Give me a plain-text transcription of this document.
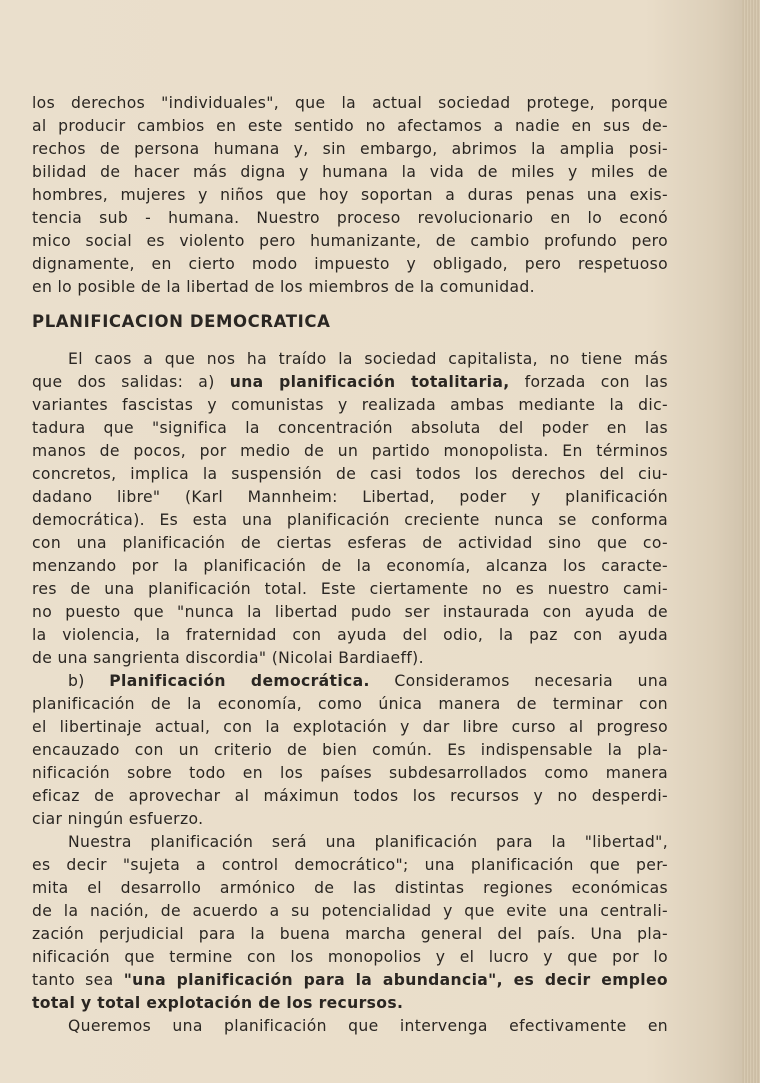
los derechos "individuales", que la actual sociedad protege, porque
al producir cambios en este sentido no afectamos a nadie en sus de-
rechos de persona humana y, sin embargo, abrimos la amplia posi-
bilidad de hacer más digna y humana la vida de miles y miles de
hombres, mujeres y niños que hoy soportan a duras penas una exis-
tencia sub - humana. Nuestro proceso revolucionario en lo econó
mico social es violento pero humanizante, de cambio profundo pero
dignamente, en cierto modo impuesto y obligado, pero respetuoso
en lo posible de la libertad de los miembros de la comunidad.
PLANIFICACION DEMOCRATICA
El caos a que nos ha traído la sociedad capitalista, no tiene más
que dos salidas: a) una planificación totalitaria, forzada con las
variantes fascistas y comunistas y realizada ambas mediante la dic-
tadura que "significa la concentración absoluta del poder en las
manos de pocos, por medio de un partido monopolista. En términos
concretos, implica la suspensión de casi todos los derechos del ciu-
dadano libre" (Karl Mannheim: Libertad, poder y planificación
democrática). Es esta una planificación creciente nunca se conforma
con una planificación de ciertas esferas de actividad sino que co-
menzando por la planificación de la economía, alcanza los caracte-
res de una planificación total. Este ciertamente no es nuestro cami-
no puesto que "nunca la libertad pudo ser instaurada con ayuda de
la violencia, la fraternidad con ayuda del odio, la paz con ayuda
de una sangrienta discordia" (Nicolai Bardiaeff).
b) Planificación democrática. Consideramos necesaria una
planificación de la economía, como única manera de terminar con
el libertinaje actual, con la explotación y dar libre curso al progreso
encauzado con un criterio de bien común. Es indispensable la pla-
nificación sobre todo en los países subdesarrollados como manera
eficaz de aprovechar al máximun todos los recursos y no desperdi-
ciar ningún esfuerzo.
Nuestra planificación será una planificación para la "libertad",
es decir "sujeta a control democrático"; una planificación que per-
mita el desarrollo armónico de las distintas regiones económicas
de la nación, de acuerdo a su potencialidad y que evite una centrali-
zación perjudicial para la buena marcha general del país. Una pla-
nificación que termine con los monopolios y el lucro y que por lo
tanto sea "una planificación para la abundancia", es decir empleo
total y total explotación de los recursos.
Queremos una planificación que intervenga efectivamente en
